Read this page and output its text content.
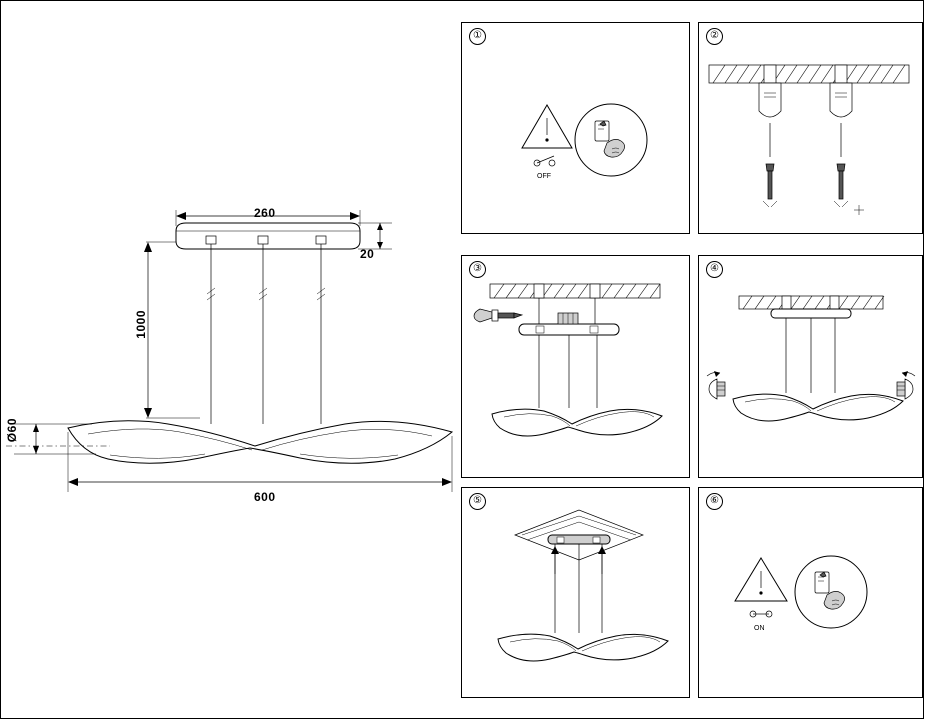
260
20
1000
Ø60
600
①
OFF
②
③	④
⑤	⑥
ON
